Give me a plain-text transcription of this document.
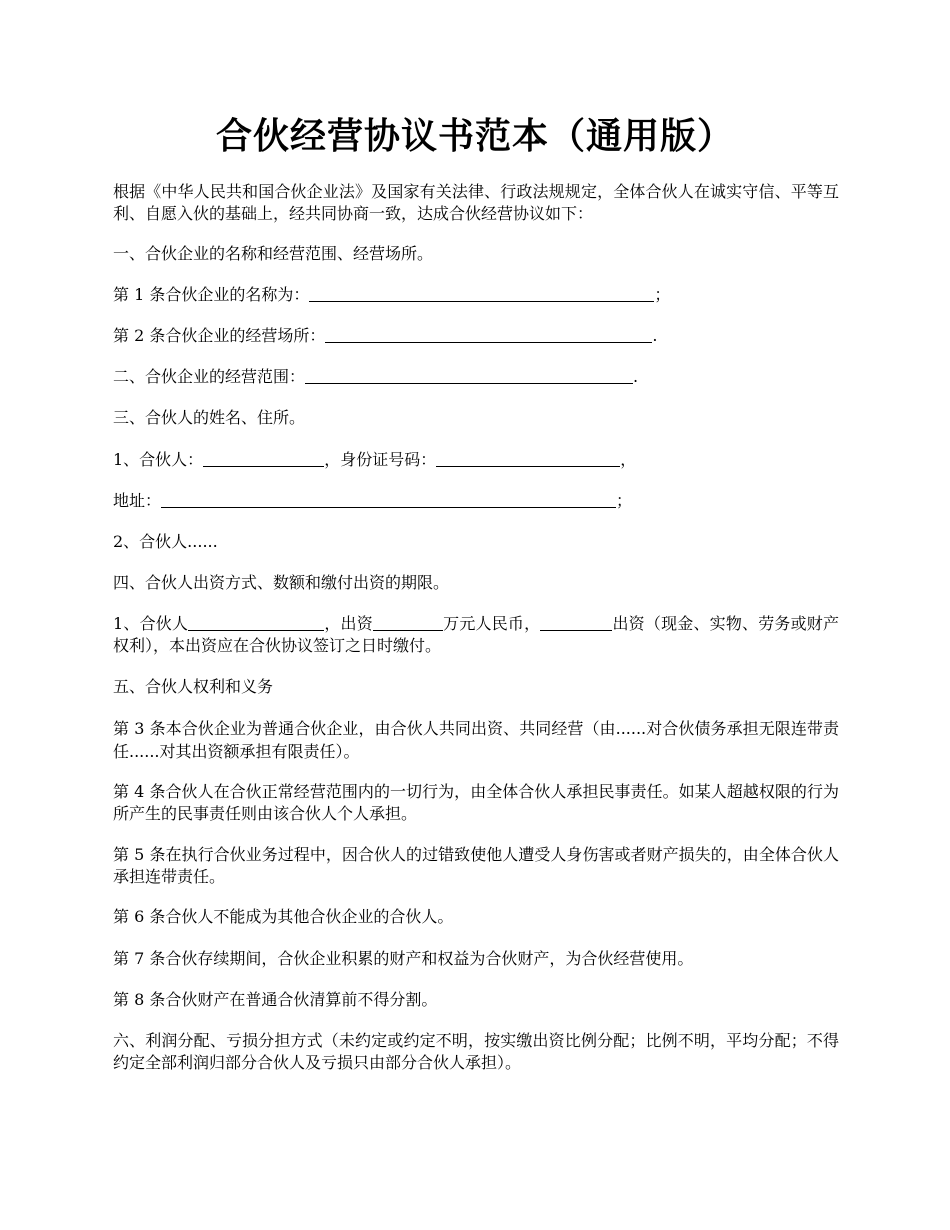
合伙经营协议书范本（通用版）
根据《中华人民共和国合伙企业法》及国家有关法律、行政法规规定，全体合伙人在诚实守信、平等互利、自愿入伙的基础上，经共同协商一致，达成合伙经营协议如下：
一、合伙企业的名称和经营范围、经营场所。
第 1 条合伙企业的名称为：	；
第 2 条合伙企业的经营场所：	.
二、合伙企业的经营范围：	.
三、合伙人的姓名、住所。
1、合伙人：	，身份证号码：	，
地址：	；
2、合伙人......
四、合伙人出资方式、数额和缴付出资的期限。
1、合伙人	，出资	万元人民币，	出资（现金、实物、劳务或财产权利），本出资应在合伙协议签订之日时缴付。
五、合伙人权利和义务
第 3 条本合伙企业为普通合伙企业，由合伙人共同出资、共同经营（由......对合伙债务承担无限连带责任......对其出资额承担有限责任）。
第 4 条合伙人在合伙正常经营范围内的一切行为，由全体合伙人承担民事责任。如某人超越权限的行为所产生的民事责任则由该合伙人个人承担。
第 5 条在执行合伙业务过程中，因合伙人的过错致使他人遭受人身伤害或者财产损失的，由全体合伙人承担连带责任。
第 6 条合伙人不能成为其他合伙企业的合伙人。
第 7 条合伙存续期间，合伙企业积累的财产和权益为合伙财产，为合伙经营使用。
第 8 条合伙财产在普通合伙清算前不得分割。
六、利润分配、亏损分担方式（未约定或约定不明，按实缴出资比例分配；比例不明，平均分配；不得约定全部利润归部分合伙人及亏损只由部分合伙人承担）。
